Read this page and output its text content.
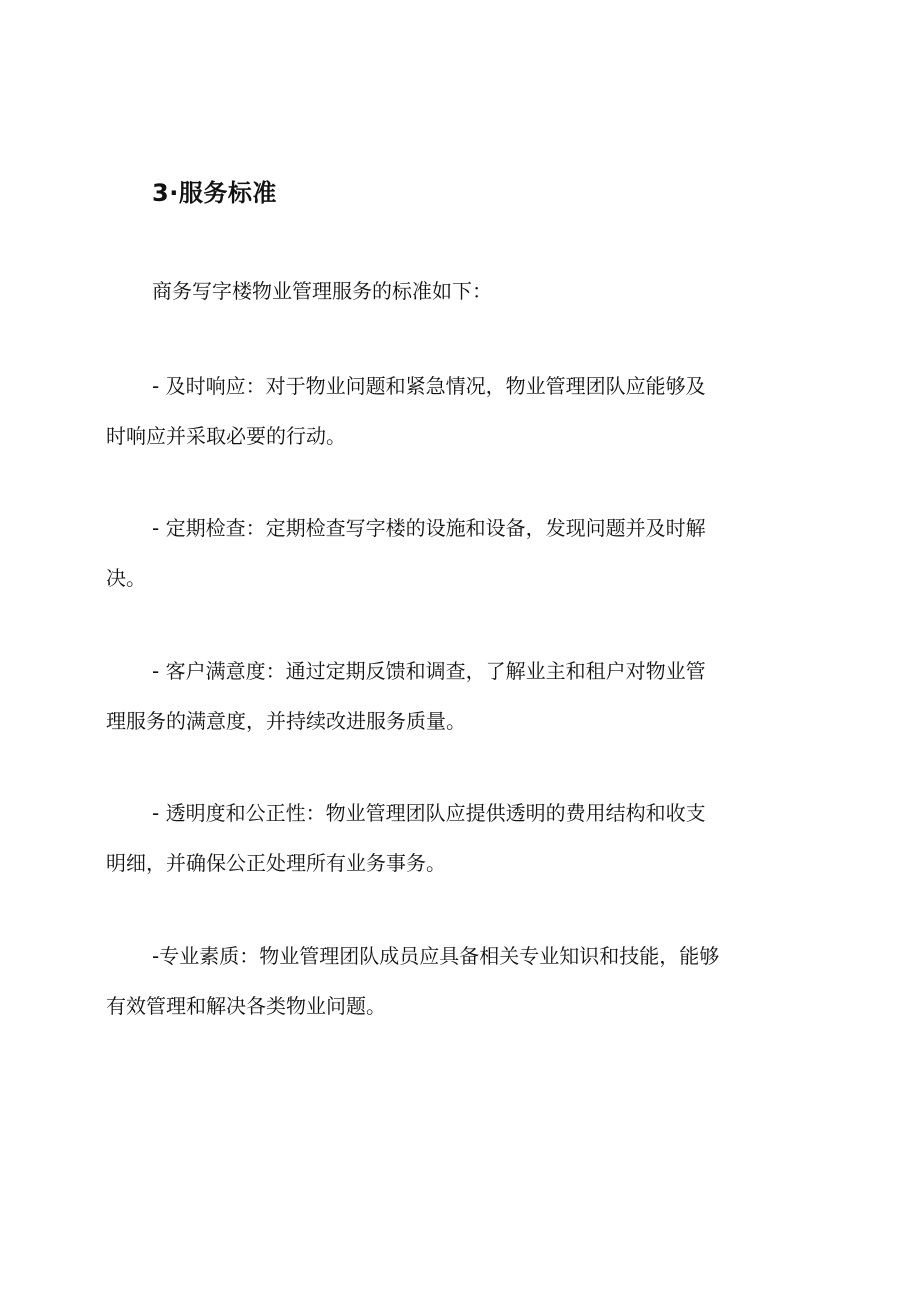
3·服务标准
商务写字楼物业管理服务的标准如下：
- 及时响应：对于物业问题和紧急情况，物业管理团队应能够及
时响应并采取必要的行动。
- 定期检查：定期检查写字楼的设施和设备，发现问题并及时解
决。
- 客户满意度：通过定期反馈和调查，了解业主和租户对物业管
理服务的满意度，并持续改进服务质量。
- 透明度和公正性：物业管理团队应提供透明的费用结构和收支
明细，并确保公正处理所有业务事务。
-专业素质：物业管理团队成员应具备相关专业知识和技能，能够
有效管理和解决各类物业问题。
